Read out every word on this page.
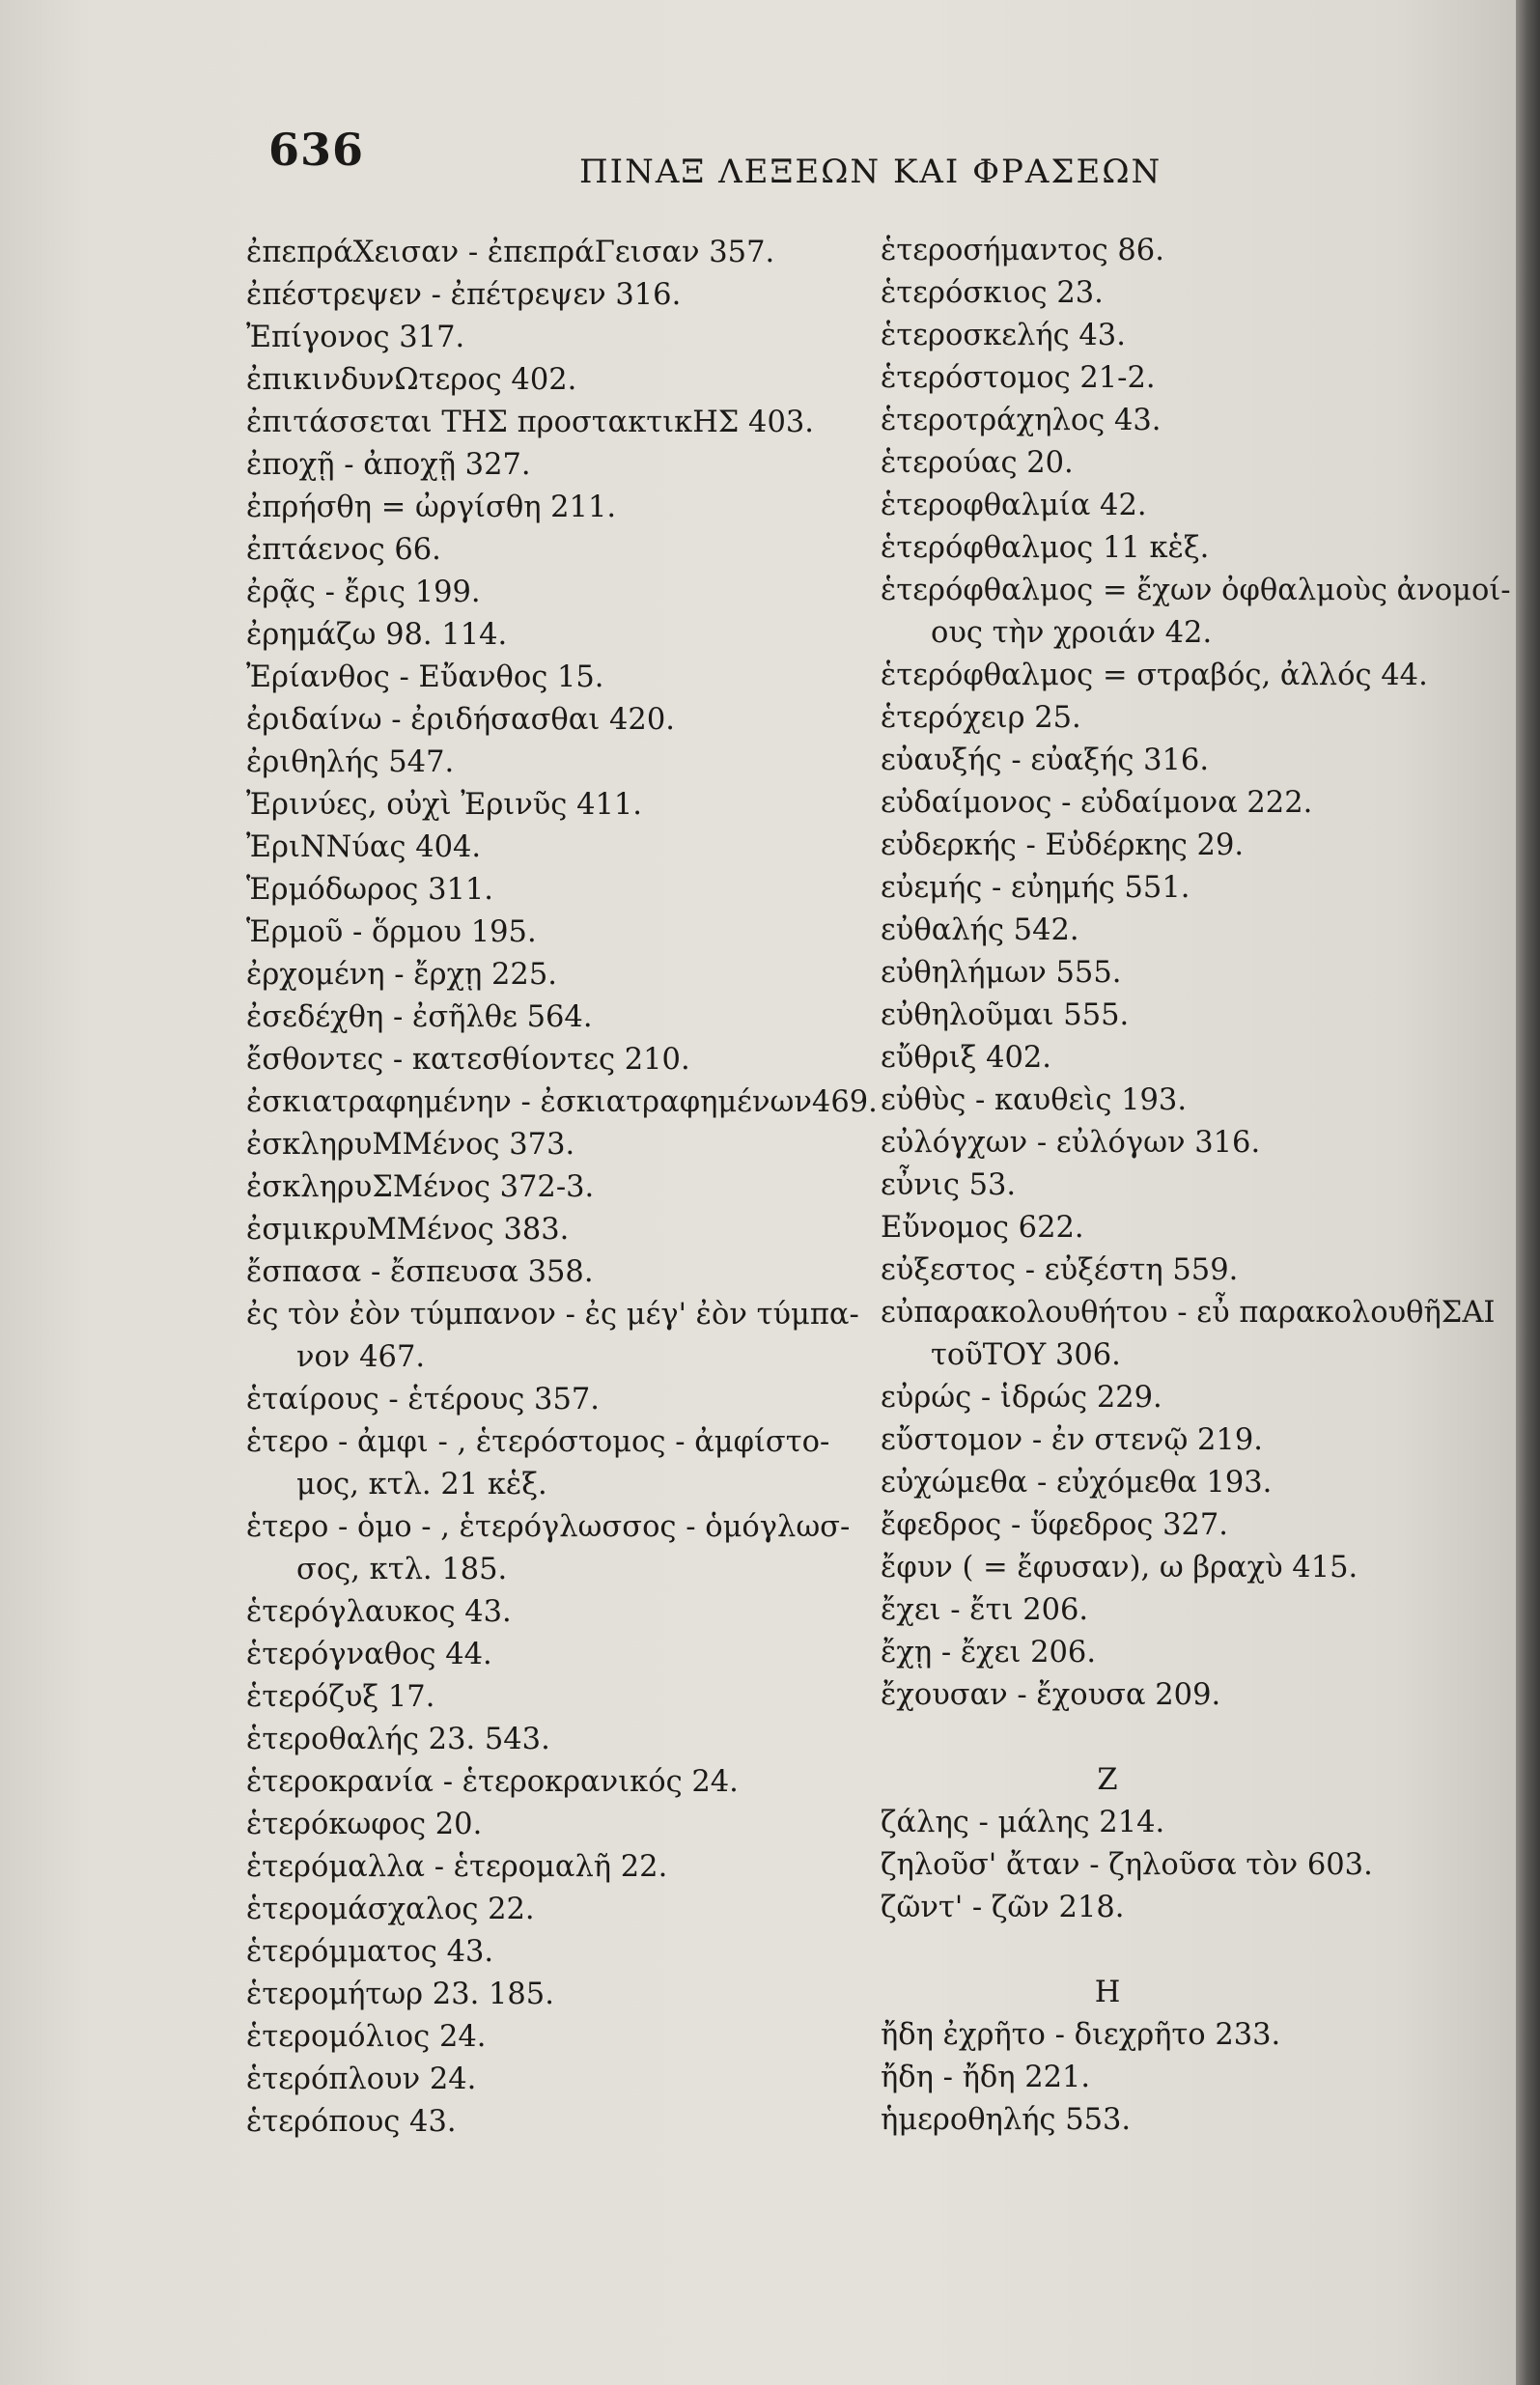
636	ΠΙΝΑΞ ΛΕΞΕΩΝ ΚΑΙ ΦΡΑΣΕΩΝ
ἐπεπράΧεισαν - ἐπεπράΓεισαν 357.
ἐπέστρεψεν - ἐπέτρεψεν 316.
Ἐπίγονος 317.
ἐπικινδυνΩτερος 402.
ἐπιτάσσεται ΤΗΣ προστακτικΗΣ 403.
ἐποχῇ - ἀποχῇ 327.
ἐπρήσθη = ὠργίσθη 211.
ἐπτάενος 66.
ἐρᾷς - ἔρις 199.
ἐρημάζω 98. 114.
Ἐρίανθος - Εὔανθος 15.
ἐριδαίνω - ἐριδήσασθαι 420.
ἐριθηλής 547.
Ἐρινύες, οὐχὶ Ἐρινῦς 411.
ἘριΝΝύας 404.
Ἑρμόδωρος 311.
Ἑρμοῦ - ὅρμου 195.
ἐρχομένη - ἔρχῃ 225.
ἐσεδέχθη - ἐσῆλθε 564.
ἔσθοντες - κατεσθίοντες 210.
ἐσκιατραφημένην - ἐσκιατραφημένων469.
ἐσκληρυΜΜένος 373.
ἐσκληρυΣΜένος 372-3.
ἐσμικρυΜΜένος 383.
ἔσπασα - ἔσπευσα 358.
ἐς τὸν ἐὸν τύμπανον - ἐς μέγ' ἐὸν τύμπα-
νον 467.
ἑταίρους - ἑτέρους 357.
ἑτερο - ἀμφι - , ἑτερόστομος - ἀμφίστο-
μος, κτλ. 21 κἑξ.
ἑτερο - ὁμο - , ἑτερόγλωσσος - ὁμόγλωσ-
σος, κτλ. 185.
ἑτερόγλαυκος 43.
ἑτερόγναθος 44.
ἑτερόζυξ 17.
ἑτεροθαλής 23. 543.
ἑτεροκρανία - ἑτεροκρανικός 24.
ἑτερόκωφος 20.
ἑτερόμαλλα - ἑτερομαλῆ 22.
ἑτερομάσχαλος 22.
ἑτερόμματος 43.
ἑτερομήτωρ 23. 185.
ἑτερομόλιος 24.
ἑτερόπλουν 24.
ἑτερόπους 43.
ἑτεροσήμαντος 86.
ἑτερόσκιος 23.
ἑτεροσκελής 43.
ἑτερόστομος 21-2.
ἑτεροτράχηλος 43.
ἑτερούας 20.
ἑτεροφθαλμία 42.
ἑτερόφθαλμος 11 κἑξ.
ἑτερόφθαλμος = ἔχων ὀφθαλμοὺς ἀνομοί-
ους τὴν χροιάν 42.
ἑτερόφθαλμος = στραβός, ἀλλός 44.
ἑτερόχειρ 25.
εὐαυξής - εὐαξής 316.
εὐδαίμονος - εὐδαίμονα 222.
εὐδερκής - Εὐδέρκης 29.
εὐεμής - εὐημής 551.
εὐθαλής 542.
εὐθηλήμων 555.
εὐθηλοῦμαι 555.
εὔθριξ 402.
εὐθὺς - καυθεὶς 193.
εὐλόγχων - εὐλόγων 316.
εὖνις 53.
Εὔνομος 622.
εὐξεστος - εὐξέστη 559.
εὐπαρακολουθήτου - εὖ παρακολουθῆΣΑΙ
τοῦΤΟΥ 306.
εὐρώς - ἱδρώς 229.
εὔστομον - ἐν στενῷ 219.
εὐχώμεθα - εὐχόμεθα 193.
ἔφεδρος - ὕφεδρος 327.
ἔφυν ( = ἔφυσαν), ω βραχὺ 415.
ἔχει - ἔτι 206.
ἔχῃ - ἔχει 206.
ἔχουσαν - ἔχουσα 209.
Ζ
ζάλης - μάλης 214.
ζηλοῦσ' ἄταν - ζηλοῦσα τὸν 603.
ζῶντ' - ζῶν 218.
Η
ἤδη ἐχρῆτο - διεχρῆτο 233.
ἤδη - ἤδη 221.
ἡμεροθηλής 553.
